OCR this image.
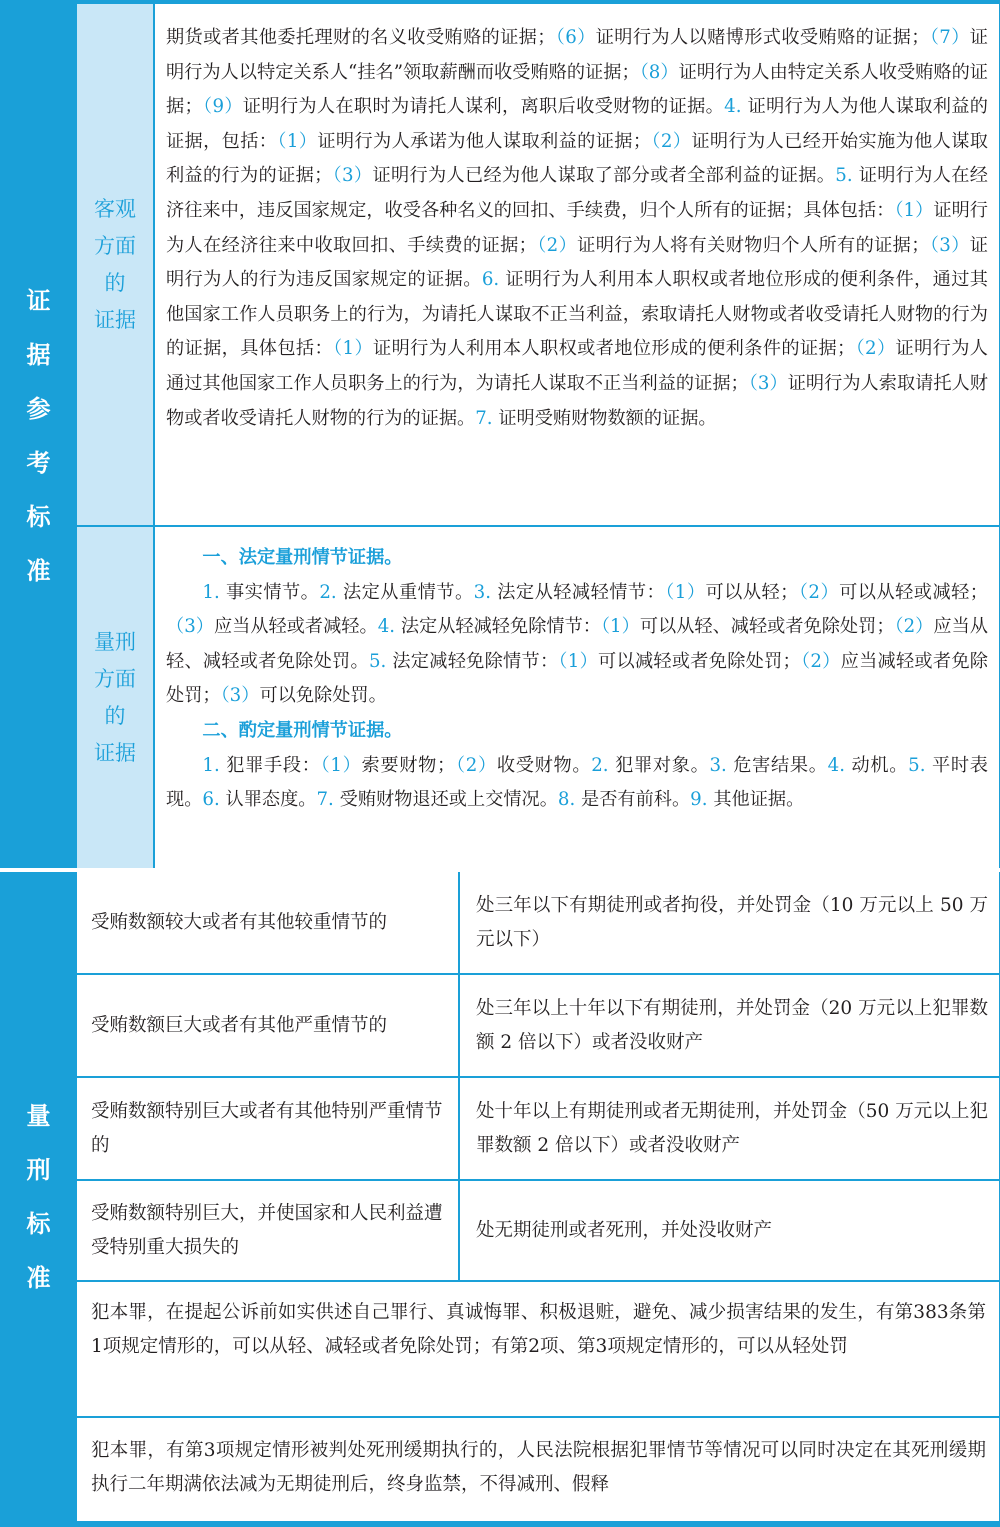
证
据
参
考
标
准
客观
方面
的
证据
量刑
方面
的
证据

期货或者其他委托理财的名义收受贿赂的证据；（6）证明行为人以赌博形式收受贿赂的证据；（7）证明行为人以特定关系人“挂名”领取薪酬而收受贿赂的证据；（8）证明行为人由特定关系人收受贿赂的证据；（9）证明行为人在职时为请托人谋利，离职后收受财物的证据。4. 证明行为人为他人谋取利益的证据，包括：（1）证明行为人承诺为他人谋取利益的证据；（2）证明行为人已经开始实施为他人谋取利益的行为的证据；（3）证明行为人已经为他人谋取了部分或者全部利益的证据。5. 证明行为人在经济往来中，违反国家规定，收受各种名义的回扣、手续费，归个人所有的证据；具体包括：（1）证明行为人在经济往来中收取回扣、手续费的证据；（2）证明行为人将有关财物归个人所有的证据；（3）证明行为人的行为违反国家规定的证据。6. 证明行为人利用本人职权或者地位形成的便利条件，通过其他国家工作人员职务上的行为，为请托人谋取不正当利益，索取请托人财物或者收受请托人财物的行为的证据，具体包括：（1）证明行为人利用本人职权或者地位形成的便利条件的证据；（2）证明行为人通过其他国家工作人员职务上的行为，为请托人谋取不正当利益的证据；（3）证明行为人索取请托人财物或者收受请托人财物的行为的证据。7. 证明受贿财物数额的证据。

一、法定量刑情节证据。

1. 事实情节。2. 法定从重情节。3. 法定从轻减轻情节：（1）可以从轻；（2）可以从轻或减轻；（3）应当从轻或者减轻。4. 法定从轻减轻免除情节：（1）可以从轻、减轻或者免除处罚；（2）应当从轻、减轻或者免除处罚。5. 法定减轻免除情节：（1）可以减轻或者免除处罚；（2）应当减轻或者免除处罚；（3）可以免除处罚。

二、酌定量刑情节证据。

1. 犯罪手段：（1）索要财物；（2）收受财物。2. 犯罪对象。3. 危害结果。4. 动机。5. 平时表现。6. 认罪态度。7. 受贿财物退还或上交情况。8. 是否有前科。9. 其他证据。

量
刑
标
准
受贿数额较大或者有其他较重情节的
处三年以下有期徒刑或者拘役，并处罚金（10 万元以上 50 万元以下）
受贿数额巨大或者有其他严重情节的
处三年以上十年以下有期徒刑，并处罚金（20 万元以上犯罪数额 2 倍以下）或者没收财产
受贿数额特别巨大或者有其他特别严重情节的
处十年以上有期徒刑或者无期徒刑，并处罚金（50 万元以上犯罪数额 2 倍以下）或者没收财产
受贿数额特别巨大，并使国家和人民利益遭受特别重大损失的
处无期徒刑或者死刑，并处没收财产
犯本罪，在提起公诉前如实供述自己罪行、真诚悔罪、积极退赃，避免、减少损害结果的发生，有第383条第1项规定情形的，可以从轻、减轻或者免除处罚；有第2项、第3项规定情形的，可以从轻处罚
犯本罪，有第3项规定情形被判处死刑缓期执行的，人民法院根据犯罪情节等情况可以同时决定在其死刑缓期执行二年期满依法减为无期徒刑后，终身监禁，不得减刑、假释
